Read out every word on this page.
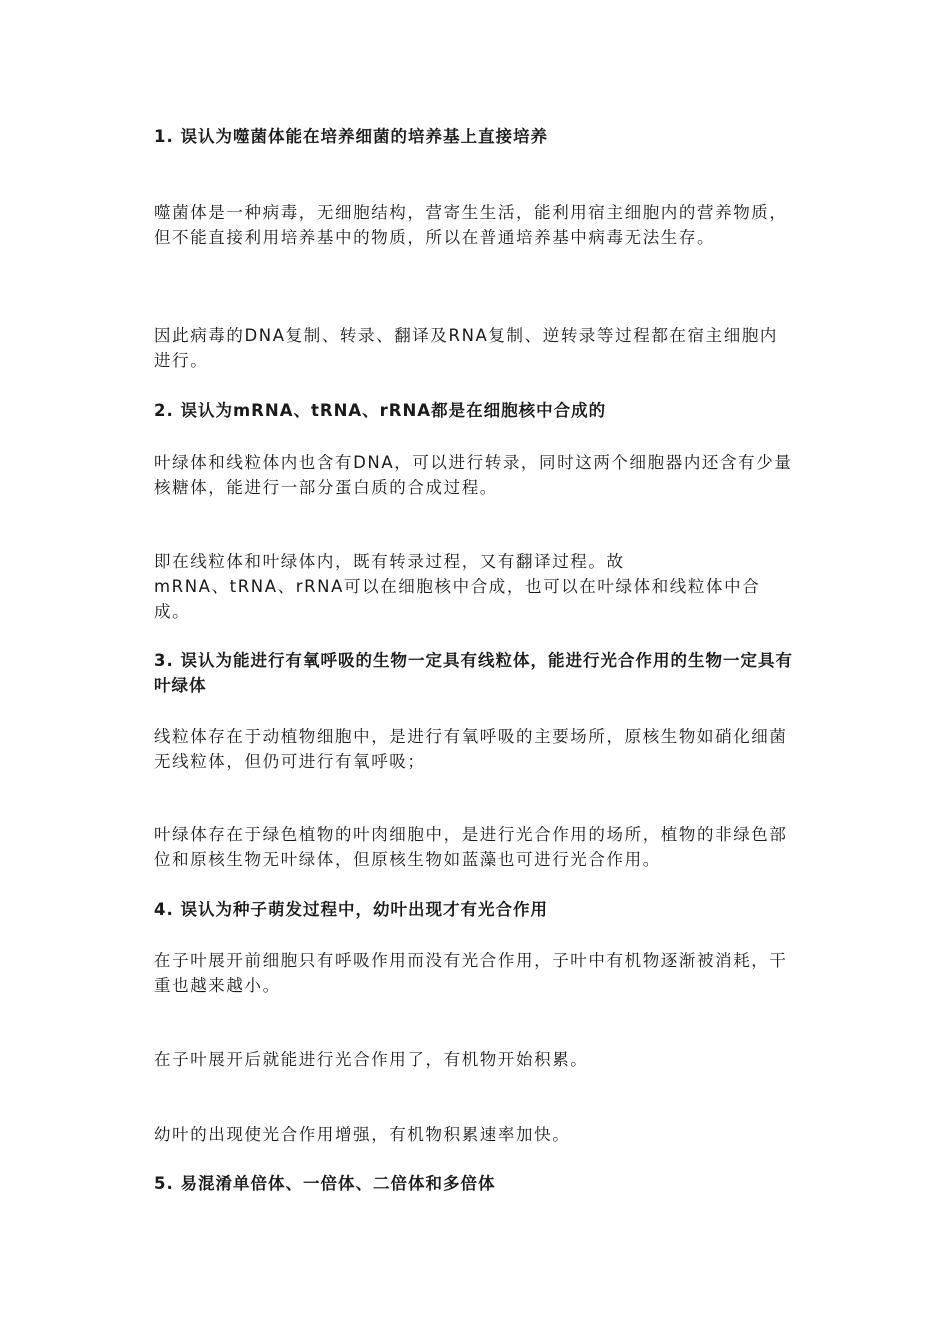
1. 误认为噬菌体能在培养细菌的培养基上直接培养

噬菌体是一种病毒，无细胞结构，营寄生生活，能利用宿主细胞内的营养物质，但不能直接利用培养基中的物质，所以在普通培养基中病毒无法生存。

因此病毒的DNA复制、转录、翻译及RNA复制、逆转录等过程都在宿主细胞内进行。

2. 误认为mRNA、tRNA、rRNA都是在细胞核中合成的

叶绿体和线粒体内也含有DNA，可以进行转录，同时这两个细胞器内还含有少量核糖体，能进行一部分蛋白质的合成过程。

即在线粒体和叶绿体内，既有转录过程，又有翻译过程。故

mRNA、tRNA、rRNA可以在细胞核中合成，也可以在叶绿体和线粒体中合成。

3. 误认为能进行有氧呼吸的生物一定具有线粒体，能进行光合作用的生物一定具有叶绿体

线粒体存在于动植物细胞中，是进行有氧呼吸的主要场所，原核生物如硝化细菌无线粒体，但仍可进行有氧呼吸；

叶绿体存在于绿色植物的叶肉细胞中，是进行光合作用的场所，植物的非绿色部位和原核生物无叶绿体，但原核生物如蓝藻也可进行光合作用。

4. 误认为种子萌发过程中，幼叶出现才有光合作用

在子叶展开前细胞只有呼吸作用而没有光合作用，子叶中有机物逐渐被消耗，干重也越来越小。

在子叶展开后就能进行光合作用了，有机物开始积累。

幼叶的出现使光合作用增强，有机物积累速率加快。

5. 易混淆单倍体、一倍体、二倍体和多倍体
